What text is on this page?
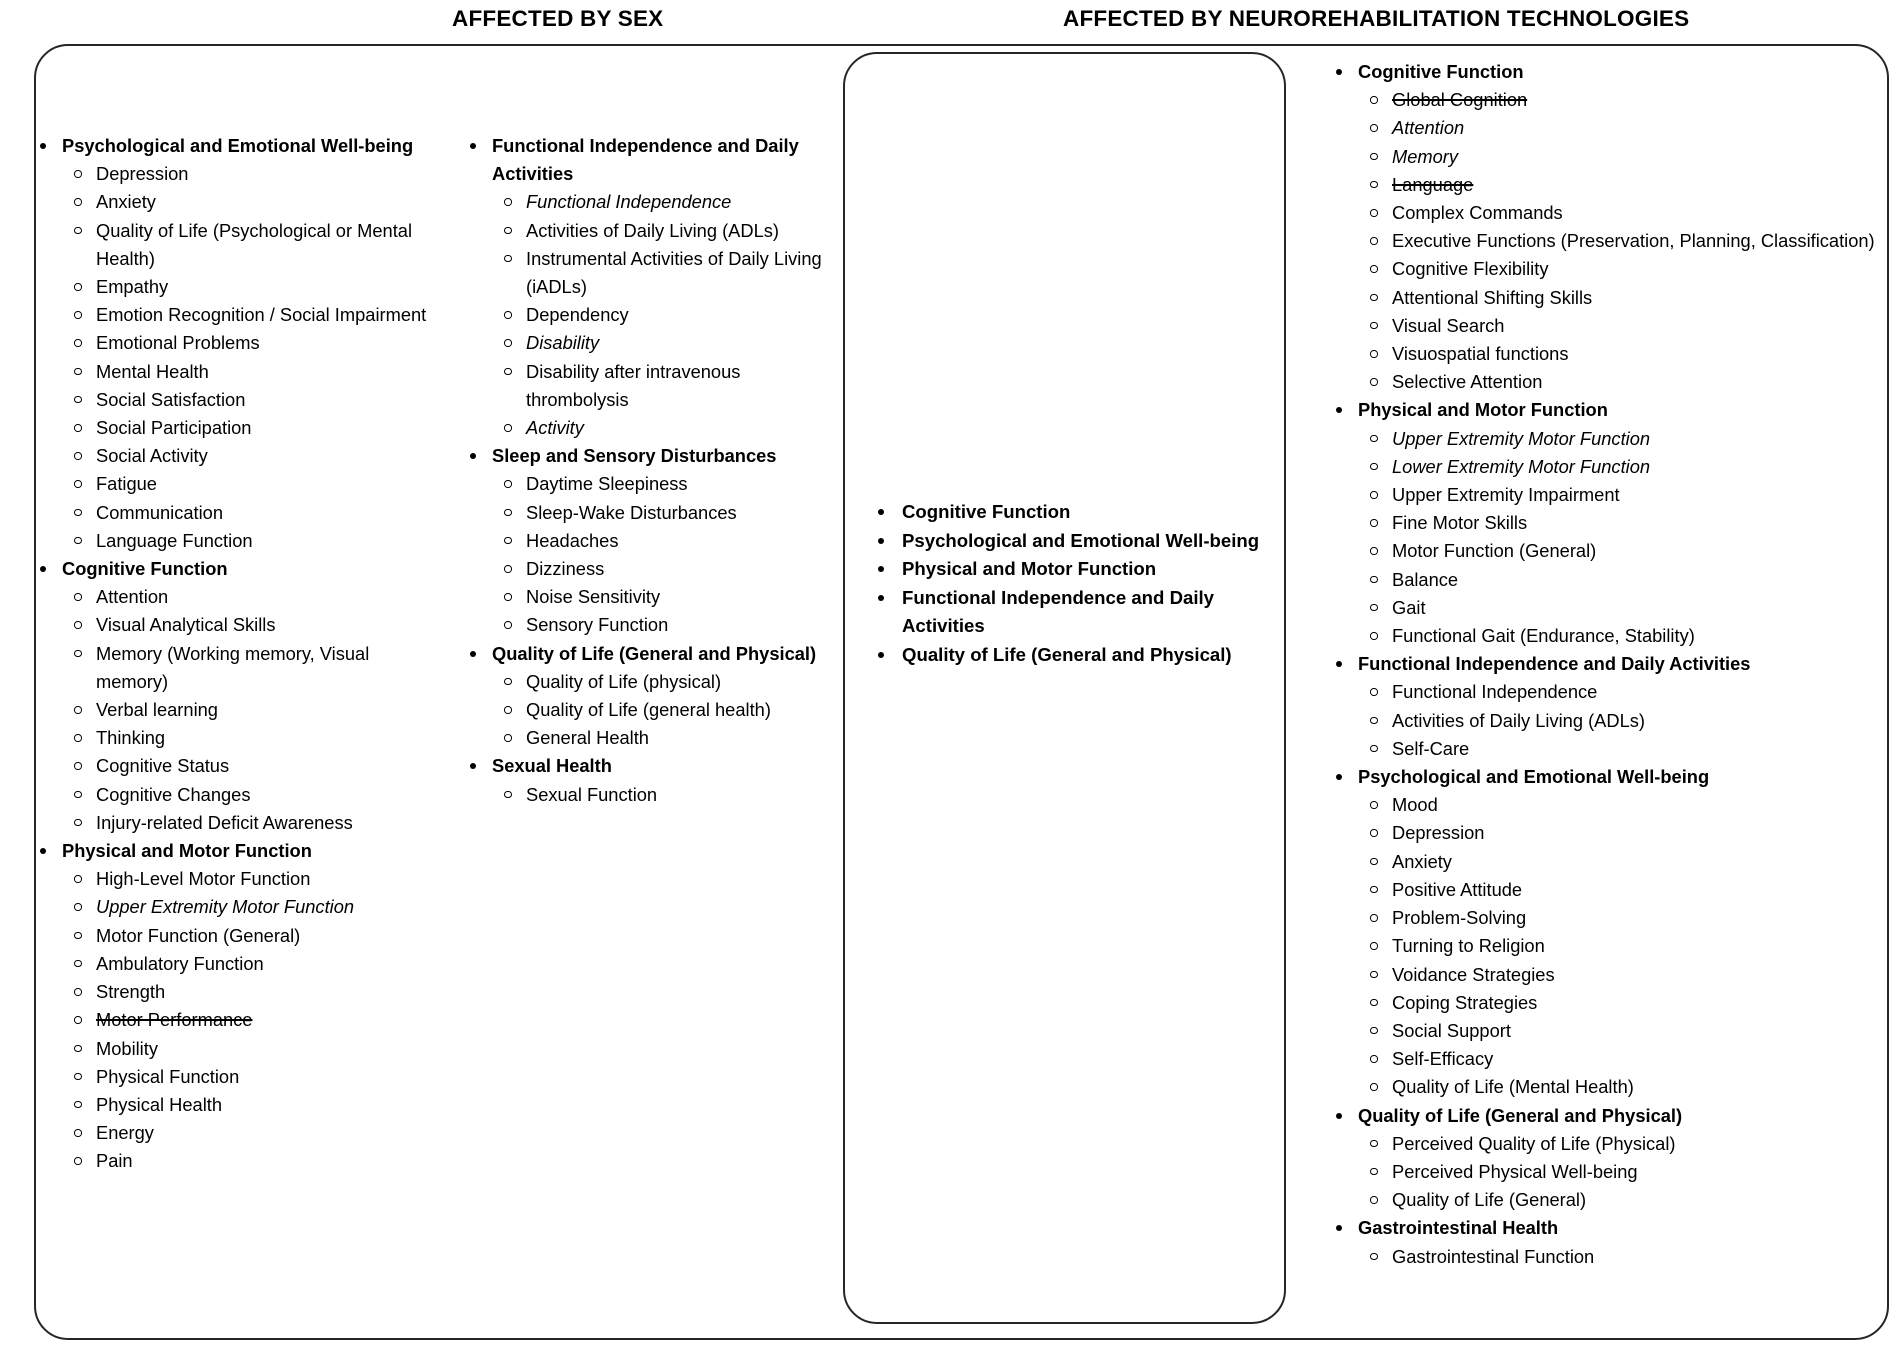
AFFECTED BY SEX	AFFECTED BY NEUROREHABILITATION TECHNOLOGIES
Psychological and Emotional Well-being
Depression
Anxiety
Quality of Life (Psychological or Mental Health)
Empathy
Emotion Recognition / Social Impairment
Emotional Problems
Mental Health
Social Satisfaction
Social Participation
Social Activity
Fatigue
Communication
Language Function
Cognitive Function
Attention
Visual Analytical Skills
Memory (Working memory, Visual memory)
Verbal learning
Thinking
Cognitive Status
Cognitive Changes
Injury-related Deficit Awareness
Physical and Motor Function
High-Level Motor Function
Upper Extremity Motor Function
Motor Function (General)
Ambulatory Function
Strength
Motor Performance
Mobility
Physical Function
Physical Health
Energy
Pain
Functional Independence and Daily Activities
Functional Independence
Activities of Daily Living (ADLs)
Instrumental Activities of Daily Living (iADLs)
Dependency
Disability
Disability after intravenous thrombolysis
Activity
Sleep and Sensory Disturbances
Daytime Sleepiness
Sleep-Wake Disturbances
Headaches
Dizziness
Noise Sensitivity
Sensory Function
Quality of Life (General and Physical)
Quality of Life (physical)
Quality of Life (general health)
General Health
Sexual Health
Sexual Function
Cognitive Function
Psychological and Emotional Well-being
Physical and Motor Function
Functional Independence and Daily Activities
Quality of Life (General and Physical)
Cognitive Function
Global Cognition
Attention
Memory
Language
Complex Commands
Executive Functions (Preservation, Planning, Classification)
Cognitive Flexibility
Attentional Shifting Skills
Visual Search
Visuospatial functions
Selective Attention
Physical and Motor Function
Upper Extremity Motor Function
Lower Extremity Motor Function
Upper Extremity Impairment
Fine Motor Skills
Motor Function (General)
Balance
Gait
Functional Gait (Endurance, Stability)
Functional Independence and Daily Activities
Functional Independence
Activities of Daily Living (ADLs)
Self-Care
Psychological and Emotional Well-being
Mood
Depression
Anxiety
Positive Attitude
Problem-Solving
Turning to Religion
Voidance Strategies
Coping Strategies
Social Support
Self-Efficacy
Quality of Life (Mental Health)
Quality of Life (General and Physical)
Perceived Quality of Life (Physical)
Perceived Physical Well-being
Quality of Life (General)
Gastrointestinal Health
Gastrointestinal Function
